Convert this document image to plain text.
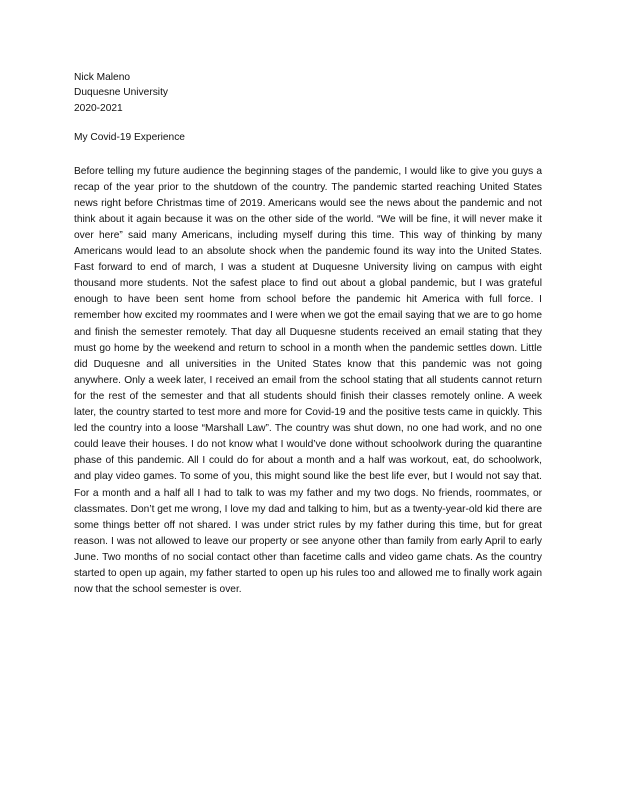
Nick Maleno
Duquesne University
2020-2021
My Covid-19 Experience

Before telling my future audience the beginning stages of the pandemic, I would like to give you guys a recap of the year prior to the shutdown of the country. The pandemic started reaching United States news right before Christmas time of 2019. Americans would see the news about the pandemic and not think about it again because it was on the other side of the world. “We will be fine, it will never make it over here” said many Americans, including myself during this time. This way of thinking by many Americans would lead to an absolute shock when the pandemic found its way into the United States. Fast forward to end of march, I was a student at Duquesne University living on campus with eight thousand more students. Not the safest place to find out about a global pandemic, but I was grateful enough to have been sent home from school before the pandemic hit America with full force. I remember how excited my roommates and I were when we got the email saying that we are to go home and finish the semester remotely. That day all Duquesne students received an email stating that they must go home by the weekend and return to school in a month when the pandemic settles down. Little did Duquesne and all universities in the United States know that this pandemic was not going anywhere. Only a week later, I received an email from the school stating that all students cannot return for the rest of the semester and that all students should finish their classes remotely online. A week later, the country started to test more and more for Covid-19 and the positive tests came in quickly. This led the country into a loose “Marshall Law”. The country was shut down, no one had work, and no one could leave their houses. I do not know what I would’ve done without schoolwork during the quarantine phase of this pandemic. All I could do for about a month and a half was workout, eat, do schoolwork, and play video games. To some of you, this might sound like the best life ever, but I would not say that. For a month and a half all I had to talk to was my father and my two dogs. No friends, roommates, or classmates. Don’t get me wrong, I love my dad and talking to him, but as a twenty-year-old kid there are some things better off not shared. I was under strict rules by my father during this time, but for great reason. I was not allowed to leave our property or see anyone other than family from early April to early June. Two months of no social contact other than facetime calls and video game chats. As the country started to open up again, my father started to open up his rules too and allowed me to finally work again now that the school semester is over.
